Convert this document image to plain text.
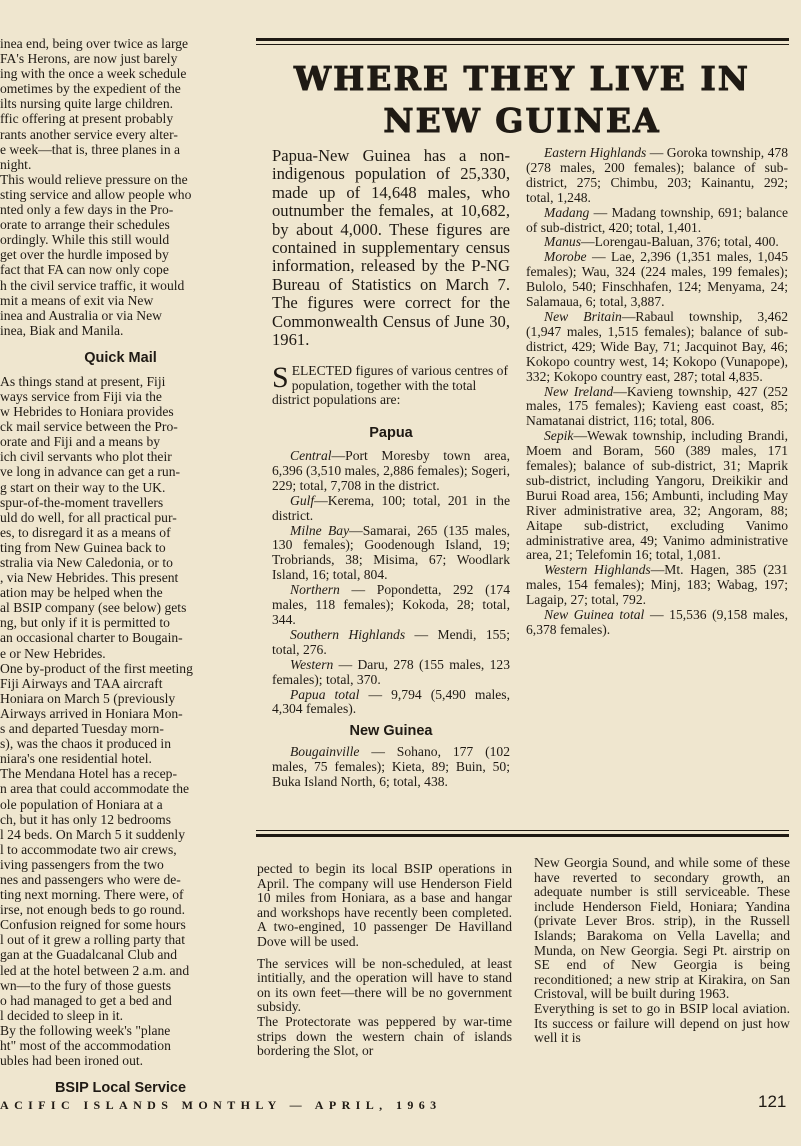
inea end, being over twice as large

FA's Herons, are now just barely

ing with the once a week schedule

ometimes by the expedient of the

ilts nursing quite large children.

ffic offering at present probably

rants another service every alter-

e week—that is, three planes in a

night.

This would relieve pressure on the

sting service and allow people who

nted only a few days in the Pro-

orate to arrange their schedules

ordingly. While this still would

get over the hurdle imposed by

fact that FA can now only cope

h the civil service traffic, it would

mit a means of exit via New

inea and Australia or via New

inea, Biak and Manila.

Quick Mail

As things stand at present, Fiji

ways service from Fiji via the

w Hebrides to Honiara provides

ck mail service between the Pro-

orate and Fiji and a means by

ich civil servants who plot their

ve long in advance can get a run-

g start on their way to the UK.

spur-of-the-moment travellers

uld do well, for all practical pur-

es, to disregard it as a means of

ting from New Guinea back to

stralia via New Caledonia, or to

, via New Hebrides. This present

ation may be helped when the

al BSIP company (see below) gets

ng, but only if it is permitted to

an occasional charter to Bougain-

e or New Hebrides.

One by-product of the first meeting

Fiji Airways and TAA aircraft

Honiara on March 5 (previously

Airways arrived in Honiara Mon-

s and departed Tuesday morn-

s), was the chaos it produced in

niara's one residential hotel.

The Mendana Hotel has a recep-

n area that could accommodate the

ole population of Honiara at a

ch, but it has only 12 bedrooms

l 24 beds. On March 5 it suddenly

l to accommodate two air crews,

iving passengers from the two

nes and passengers who were de-

ting next morning. There were, of

irse, not enough beds to go round.

Confusion reigned for some hours

l out of it grew a rolling party that

gan at the Guadalcanal Club and

led at the hotel between 2 a.m. and

wn—to the fury of those guests

o had managed to get a bed and

l decided to sleep in it.

By the following week's "plane

ht" most of the accommodation

ubles had been ironed out.

BSIP Local Service

WHERE THEY LIVE IN
NEW GUINEA

Papua-New Guinea has a non-indigenous population of 25,330, made up of 14,648 males, who outnumber the females, at 10,682, by about 4,000. These figures are contained in supplementary census information, released by the P-NG Bureau of Statistics on March 7. The figures were correct for the Commonwealth Census of June 30, 1961.

SELECTED figures of various centres of population, together with the total district populations are:

Papua

Central—Port Moresby town area, 6,396 (3,510 males, 2,886 females); Sogeri, 229; total, 7,708 in the district.

Gulf—Kerema, 100; total, 201 in the district.

Milne Bay—Samarai, 265 (135 males, 130 females); Goodenough Island, 19; Trobriands, 38; Misima, 67; Woodlark Island, 16; total, 804.

Northern — Popondetta, 292 (174 males, 118 females); Kokoda, 28; total, 344.

Southern Highlands — Mendi, 155; total, 276.

Western — Daru, 278 (155 males, 123 females); total, 370.

Papua total — 9,794 (5,490 males, 4,304 females).

New Guinea

Bougainville — Sohano, 177 (102 males, 75 females); Kieta, 89; Buin, 50; Buka Island North, 6; total, 438.

Eastern Highlands — Goroka township, 478 (278 males, 200 females); balance of sub-district, 275; Chimbu, 203; Kainantu, 292; total, 1,248.

Madang — Madang township, 691; balance of sub-district, 420; total, 1,401.

Manus—Lorengau-Baluan, 376; total, 400.

Morobe — Lae, 2,396 (1,351 males, 1,045 females); Wau, 324 (224 males, 199 females); Bulolo, 540; Finschhafen, 124; Menyama, 24; Salamaua, 6; total, 3,887.

New Britain—Rabaul township, 3,462 (1,947 males, 1,515 females); balance of sub-district, 429; Wide Bay, 71; Jacquinot Bay, 46; Kokopo country west, 14; Kokopo (Vunapope), 332; Kokopo country east, 287; total 4,835.

New Ireland—Kavieng township, 427 (252 males, 175 females); Kavieng east coast, 85; Namatanai district, 116; total, 806.

Sepik—Wewak township, including Brandi, Moem and Boram, 560 (389 males, 171 females); balance of sub-district, 31; Maprik sub-district, including Yangoru, Dreikikir and Burui Road area, 156; Ambunti, including May River administrative area, 32; Angoram, 88; Aitape sub-district, excluding Vanimo administrative area, 49; Vanimo administrative area, 21; Telefomin 16; total, 1,081.

Western Highlands—Mt. Hagen, 385 (231 males, 154 females); Minj, 183; Wabag, 197; Lagaip, 27; total, 792.

New Guinea total — 15,536 (9,158 males, 6,378 females).

pected to begin its local BSIP operations in April. The company will use Henderson Field 10 miles from Honiara, as a base and hangar and workshops have recently been completed. A two-engined, 10 passenger De Havilland Dove will be used.

The services will be non-scheduled, at least intitially, and the operation will have to stand on its own feet—there will be no government subsidy.

The Protectorate was peppered by war-time strips down the western chain of islands bordering the Slot, or

New Georgia Sound, and while some of these have reverted to secondary growth, an adequate number is still serviceable. These include Henderson Field, Honiara; Yandina (private Lever Bros. strip), in the Russell Islands; Barakoma on Vella Lavella; and Munda, on New Georgia. Segi Pt. airstrip on SE end of New Georgia is being reconditioned; a new strip at Kirakira, on San Cristoval, will be built during 1963.

Everything is set to go in BSIP local aviation. Its success or failure will depend on just how well it is

ACIFIC ISLANDS MONTHLY — APRIL, 1963	121
